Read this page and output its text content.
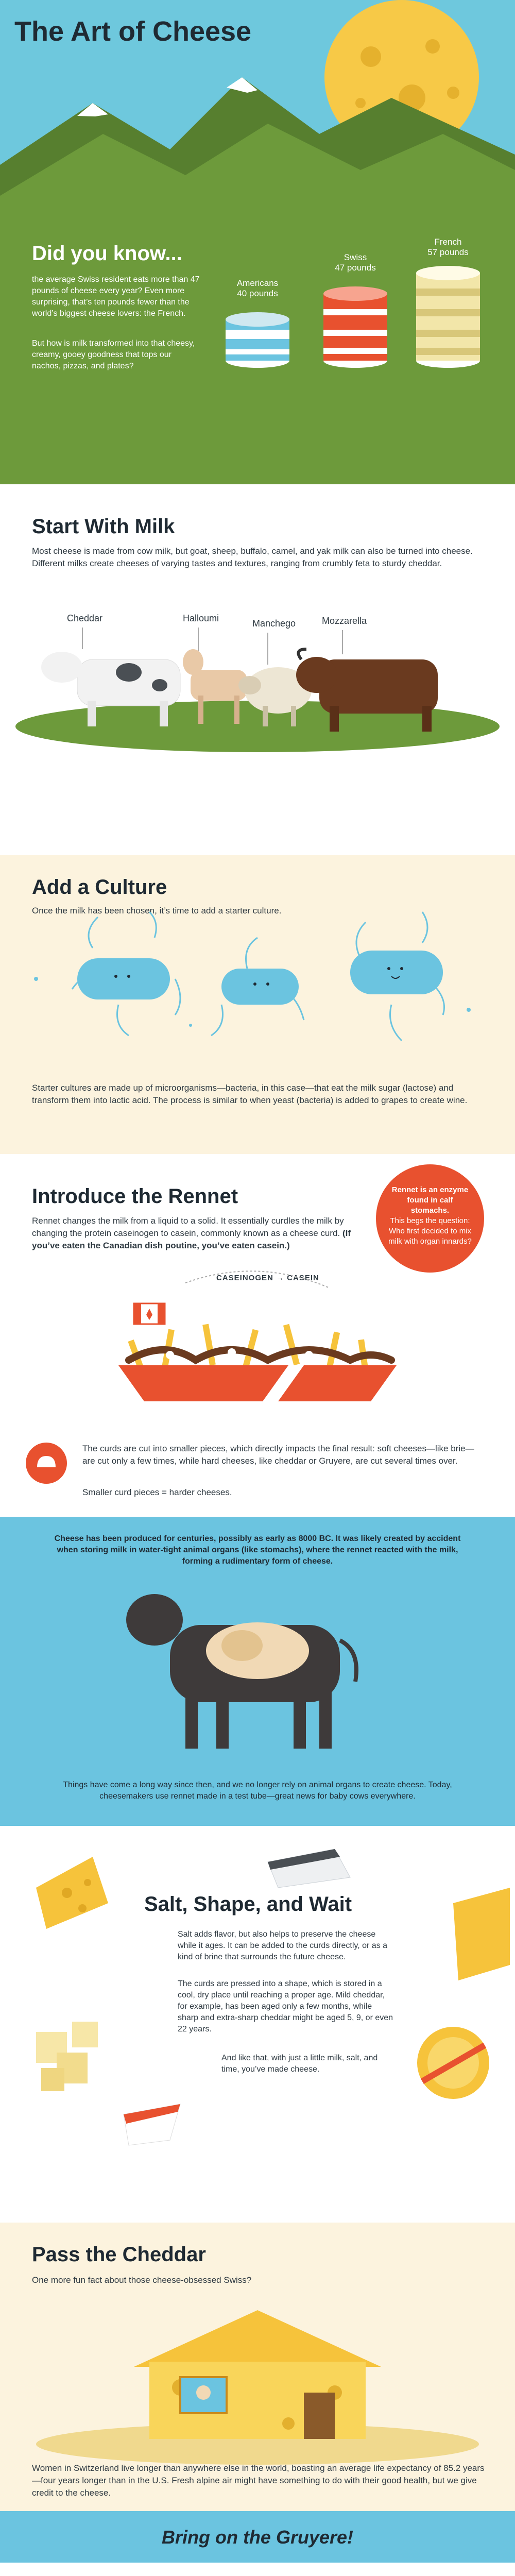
The Art of Cheese
Did you know...

the average Swiss resident eats more than 47 pounds of cheese every year? Even more surprising, that’s ten pounds fewer than the world’s biggest cheese lovers: the French.

But how is milk transformed into that cheesy, creamy, gooey goodness that tops our nachos, pizzas, and plates?

Americans
40 pounds
Swiss
47 pounds
French
57 pounds
Start With Milk

Most cheese is made from cow milk, but goat, sheep, buffalo, camel, and yak milk can also be turned into cheese. Different milks create cheeses of varying tastes and textures, ranging from crumbly feta to sturdy cheddar.

Cheddar	Halloumi	Manchego	Mozzarella
Add a Culture

Once the milk has been chosen, it’s time to add a starter culture.

Starter cultures are made up of microorganisms—bacteria, in this case—that eat the milk sugar (lactose) and transform them into lactic acid. The process is similar to when yeast (bacteria) is added to grapes to create wine.

Introduce the Rennet

Rennet changes the milk from a liquid to a solid. It essentially curdles the milk by changing the protein caseinogen to casein, commonly known as a cheese curd. (If you’ve eaten the Canadian dish poutine, you’ve eaten casein.)

Rennet is an enzyme found in calf stomachs.
This begs the question: Who first decided to mix milk with organ innards?
CASEINOGEN → CASEIN

The curds are cut into smaller pieces, which directly impacts the final result: soft cheeses—like brie—are cut only a few times, while hard cheeses, like cheddar or Gruyere, are cut several times over.

Smaller curd pieces = harder cheeses.

Cheese has been produced for centuries, possibly as early as 8000 BC. It was likely created by accident when storing milk in water-tight animal organs (like stomachs), where the rennet reacted with the milk, forming a rudimentary form of cheese.

Things have come a long way since then, and we no longer rely on animal organs to create cheese. Today, cheesemakers use rennet made in a test tube—great news for baby cows everywhere.

Salt, Shape, and Wait

Salt adds flavor, but also helps to preserve the cheese while it ages. It can be added to the curds directly, or as a kind of brine that surrounds the future cheese.

The curds are pressed into a shape, which is stored in a cool, dry place until reaching a proper age. Mild cheddar, for example, has been aged only a few months, while sharp and extra-sharp cheddar might be aged 5, 9, or even 22 years.

And like that, with just a little milk, salt, and time, you’ve made cheese.

Pass the Cheddar

One more fun fact about those cheese-obsessed Swiss?

Women in Switzerland live longer than anywhere else in the world, boasting an average life expectancy of 85.2 years—four years longer than in the U.S. Fresh alpine air might have something to do with their good health, but we give credit to the cheese.

Bring on the Gruyere!
